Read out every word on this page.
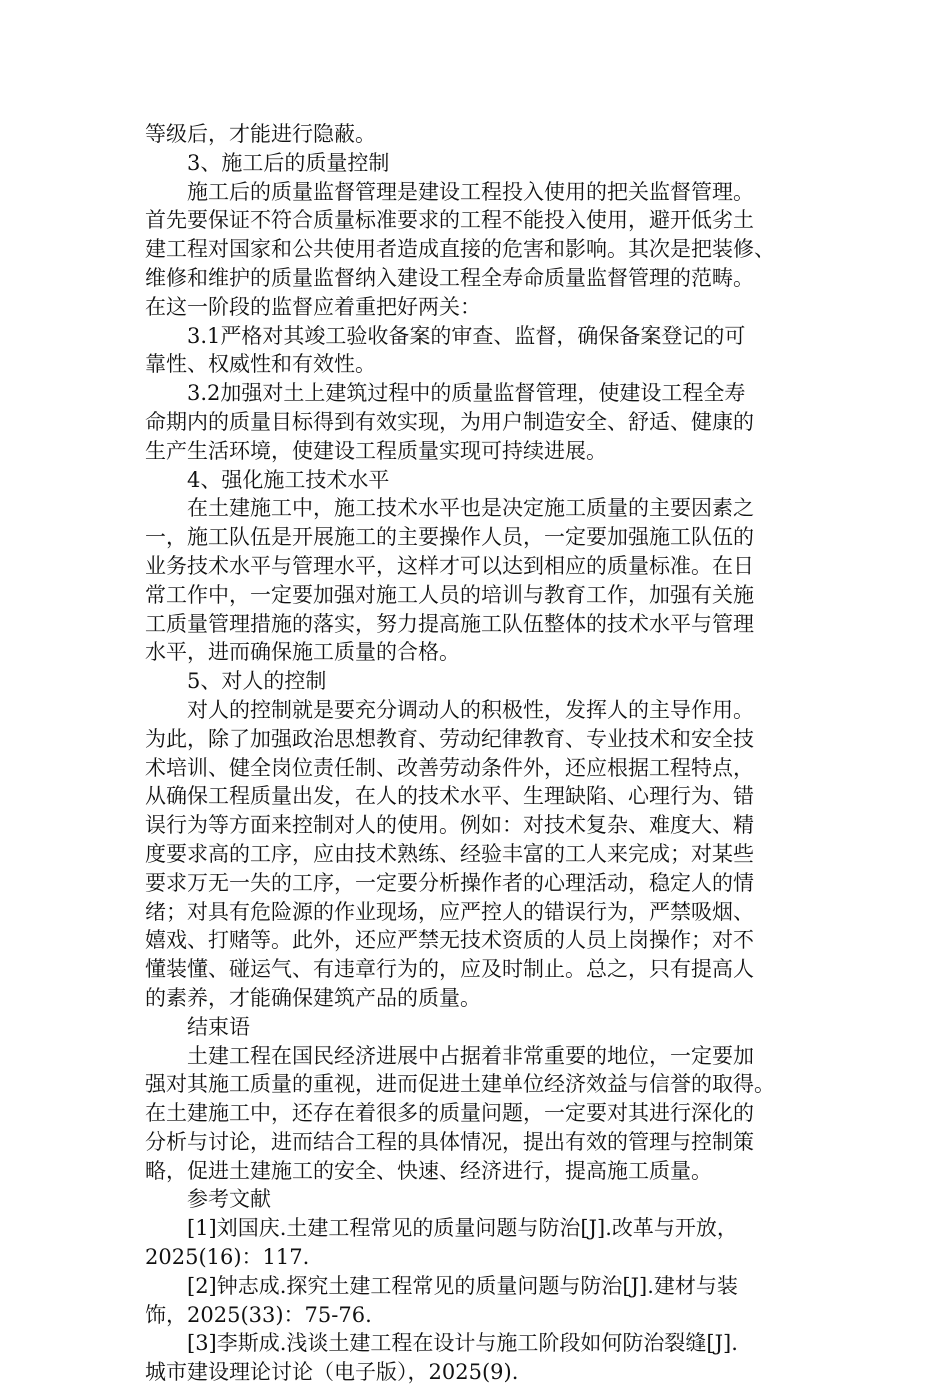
等级后，才能进行隐蔽。

3、施工后的质量控制

施工后的质量监督管理是建设工程投入使用的把关监督管理。

首先要保证不符合质量标准要求的工程不能投入使用，避开低劣土

建工程对国家和公共使用者造成直接的危害和影响。其次是把装修、

维修和维护的质量监督纳入建设工程全寿命质量监督管理的范畴。

在这一阶段的监督应着重把好两关：

3.1严格对其竣工验收备案的审查、监督，确保备案登记的可

靠性、权威性和有效性。

3.2加强对土上建筑过程中的质量监督管理，使建设工程全寿

命期内的质量目标得到有效实现，为用户制造安全、舒适、健康的

生产生活环境，使建设工程质量实现可持续进展。

4、强化施工技术水平

在土建施工中，施工技术水平也是决定施工质量的主要因素之

一，施工队伍是开展施工的主要操作人员，一定要加强施工队伍的

业务技术水平与管理水平，这样才可以达到相应的质量标准。在日

常工作中，一定要加强对施工人员的培训与教育工作，加强有关施

工质量管理措施的落实，努力提高施工队伍整体的技术水平与管理

水平，进而确保施工质量的合格。

5、对人的控制

对人的控制就是要充分调动人的积极性，发挥人的主导作用。

为此，除了加强政治思想教育、劳动纪律教育、专业技术和安全技

术培训、健全岗位责任制、改善劳动条件外，还应根据工程特点，

从确保工程质量出发，在人的技术水平、生理缺陷、心理行为、错

误行为等方面来控制对人的使用。例如：对技术复杂、难度大、精

度要求高的工序，应由技术熟练、经验丰富的工人来完成；对某些

要求万无一失的工序，一定要分析操作者的心理活动，稳定人的情

绪；对具有危险源的作业现场，应严控人的错误行为，严禁吸烟、

嬉戏、打赌等。此外，还应严禁无技术资质的人员上岗操作；对不

懂装懂、碰运气、有违章行为的，应及时制止。总之，只有提高人

的素养，才能确保建筑产品的质量。

结束语

土建工程在国民经济进展中占据着非常重要的地位，一定要加

强对其施工质量的重视，进而促进土建单位经济效益与信誉的取得。

在土建施工中，还存在着很多的质量问题，一定要对其进行深化的

分析与讨论，进而结合工程的具体情况，提出有效的管理与控制策

略，促进土建施工的安全、快速、经济进行，提高施工质量。

参考文献

[1]刘国庆.土建工程常见的质量问题与防治[J].改革与开放，

2025(16)：117.

[2]钟志成.探究土建工程常见的质量问题与防治[J].建材与装

饰，2025(33)：75-76.

[3]李斯成.浅谈土建工程在设计与施工阶段如何防治裂缝[J].

城市建设理论讨论（电子版），2025(9).
